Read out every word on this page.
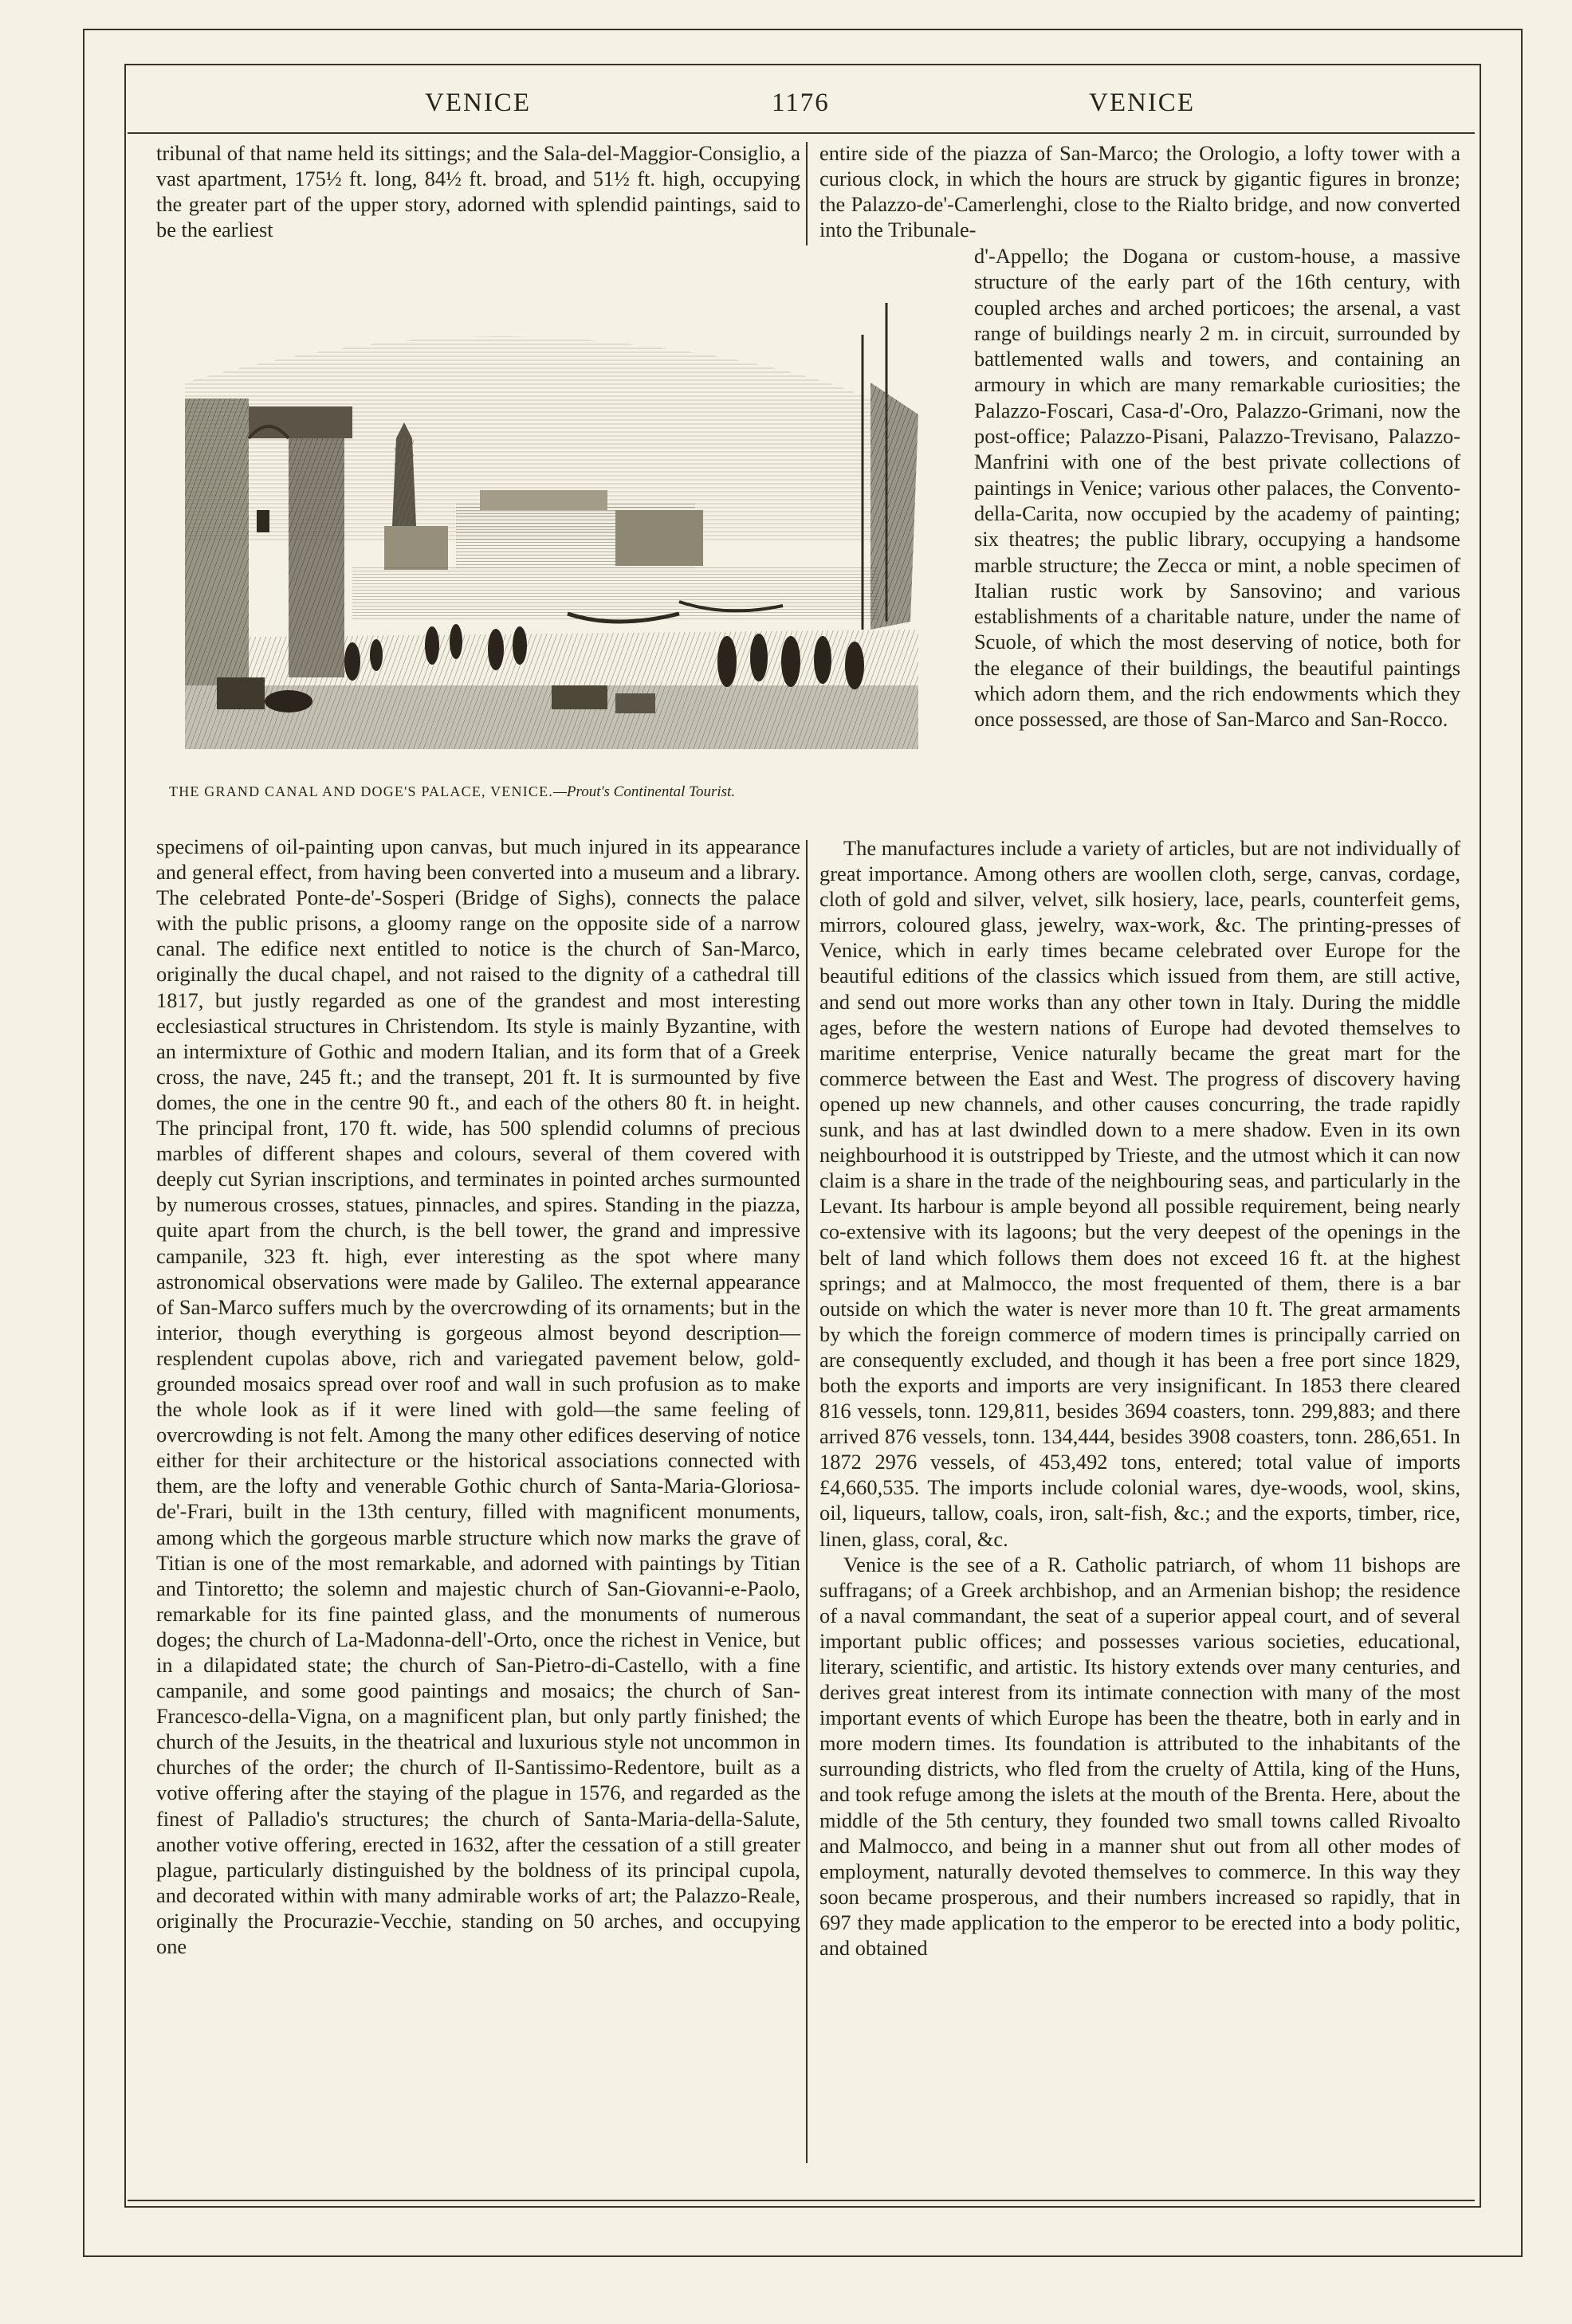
VENICE	1176	VENICE

tribunal of that name held its sittings; and the Sala-del-Maggior-Consiglio, a vast apartment, 175½ ft. long, 84½ ft. broad, and 51½ ft. high, occupying the greater part of the upper story, adorned with splendid paintings, said to be the earliest

THE GRAND CANAL AND DOGE'S PALACE, VENICE.—Prout's Continental Tourist.

specimens of oil-painting upon canvas, but much injured in its appearance and general effect, from having been converted into a museum and a library. The celebrated Ponte-de'-Sosperi (Bridge of Sighs), connects the palace with the public prisons, a gloomy range on the opposite side of a narrow canal. The edifice next entitled to notice is the church of San-Marco, originally the ducal chapel, and not raised to the dignity of a cathedral till 1817, but justly regarded as one of the grandest and most interesting ecclesiastical structures in Christendom. Its style is mainly Byzantine, with an intermixture of Gothic and modern Italian, and its form that of a Greek cross, the nave, 245 ft.; and the transept, 201 ft. It is surmounted by five domes, the one in the centre 90 ft., and each of the others 80 ft. in height. The principal front, 170 ft. wide, has 500 splendid columns of precious marbles of different shapes and colours, several of them covered with deeply cut Syrian inscriptions, and terminates in pointed arches surmounted by numerous crosses, statues, pinnacles, and spires. Standing in the piazza, quite apart from the church, is the bell tower, the grand and impressive campanile, 323 ft. high, ever interesting as the spot where many astronomical observations were made by Galileo. The external appearance of San-Marco suffers much by the overcrowding of its ornaments; but in the interior, though everything is gorgeous almost beyond description—resplendent cupolas above, rich and variegated pavement below, gold-grounded mosaics spread over roof and wall in such profusion as to make the whole look as if it were lined with gold—the same feeling of overcrowding is not felt. Among the many other edifices deserving of notice either for their architecture or the historical associations connected with them, are the lofty and venerable Gothic church of Santa-Maria-Gloriosa-de'-Frari, built in the 13th century, filled with magnificent monuments, among which the gorgeous marble structure which now marks the grave of Titian is one of the most remarkable, and adorned with paintings by Titian and Tintoretto; the solemn and majestic church of San-Giovanni-e-Paolo, remarkable for its fine painted glass, and the monuments of numerous doges; the church of La-Madonna-dell'-Orto, once the richest in Venice, but in a dilapidated state; the church of San-Pietro-di-Castello, with a fine campanile, and some good paintings and mosaics; the church of San-Francesco-della-Vigna, on a magnificent plan, but only partly finished; the church of the Jesuits, in the theatrical and luxurious style not uncommon in churches of the order; the church of Il-Santissimo-Redentore, built as a votive offering after the staying of the plague in 1576, and regarded as the finest of Palladio's structures; the church of Santa-Maria-della-Salute, another votive offering, erected in 1632, after the cessation of a still greater plague, particularly distinguished by the boldness of its principal cupola, and decorated within with many admirable works of art; the Palazzo-Reale, originally the Procurazie-Vecchie, standing on 50 arches, and occupying one

entire side of the piazza of San-Marco; the Orologio, a lofty tower with a curious clock, in which the hours are struck by gigantic figures in bronze; the Palazzo-de'-Camerlenghi, close to the Rialto bridge, and now converted into the Tribunale-

d'-Appello; the Dogana or custom-house, a massive structure of the early part of the 16th century, with coupled arches and arched porticoes; the arsenal, a vast range of buildings nearly 2 m. in circuit, surrounded by battlemented walls and towers, and containing an armoury in which are many remarkable curiosities; the Palazzo-Foscari, Casa-d'-Oro, Palazzo-Grimani, now the post-office; Palazzo-Pisani, Palazzo-Trevisano, Palazzo-Manfrini with one of the best private collections of paintings in Venice; various other palaces, the Convento-della-Carita, now occupied by the academy of painting; six theatres; the public library, occupying a handsome marble structure; the Zecca or mint, a noble specimen of Italian rustic work by Sansovino; and various establishments of a charitable nature, under the name of Scuole, of which the most deserving of notice, both for the elegance of their buildings, the beautiful paintings which adorn them, and the rich endowments which they once possessed, are those of San-Marco and San-Rocco.

The manufactures include a variety of articles, but are not individually of great importance. Among others are woollen cloth, serge, canvas, cordage, cloth of gold and silver, velvet, silk hosiery, lace, pearls, counterfeit gems, mirrors, coloured glass, jewelry, wax-work, &c. The printing-presses of Venice, which in early times became celebrated over Europe for the beautiful editions of the classics which issued from them, are still active, and send out more works than any other town in Italy. During the middle ages, before the western nations of Europe had devoted themselves to maritime enterprise, Venice naturally became the great mart for the commerce between the East and West. The progress of discovery having opened up new channels, and other causes concurring, the trade rapidly sunk, and has at last dwindled down to a mere shadow. Even in its own neighbourhood it is outstripped by Trieste, and the utmost which it can now claim is a share in the trade of the neighbouring seas, and particularly in the Levant. Its harbour is ample beyond all possible requirement, being nearly co-extensive with its lagoons; but the very deepest of the openings in the belt of land which follows them does not exceed 16 ft. at the highest springs; and at Malmocco, the most frequented of them, there is a bar outside on which the water is never more than 10 ft. The great armaments by which the foreign commerce of modern times is principally carried on are consequently excluded, and though it has been a free port since 1829, both the exports and imports are very insignificant. In 1853 there cleared 816 vessels, tonn. 129,811, besides 3694 coasters, tonn. 299,883; and there arrived 876 vessels, tonn. 134,444, besides 3908 coasters, tonn. 286,651. In 1872 2976 vessels, of 453,492 tons, entered; total value of imports £4,660,535. The imports include colonial wares, dye-woods, wool, skins, oil, liqueurs, tallow, coals, iron, salt-fish, &c.; and the exports, timber, rice, linen, glass, coral, &c.

Venice is the see of a R. Catholic patriarch, of whom 11 bishops are suffragans; of a Greek archbishop, and an Armenian bishop; the residence of a naval commandant, the seat of a superior appeal court, and of several important public offices; and possesses various societies, educational, literary, scientific, and artistic. Its history extends over many centuries, and derives great interest from its intimate connection with many of the most important events of which Europe has been the theatre, both in early and in more modern times. Its foundation is attributed to the inhabitants of the surrounding districts, who fled from the cruelty of Attila, king of the Huns, and took refuge among the islets at the mouth of the Brenta. Here, about the middle of the 5th century, they founded two small towns called Rivoalto and Malmocco, and being in a manner shut out from all other modes of employment, naturally devoted themselves to commerce. In this way they soon became prosperous, and their numbers increased so rapidly, that in 697 they made application to the emperor to be erected into a body politic, and obtained
